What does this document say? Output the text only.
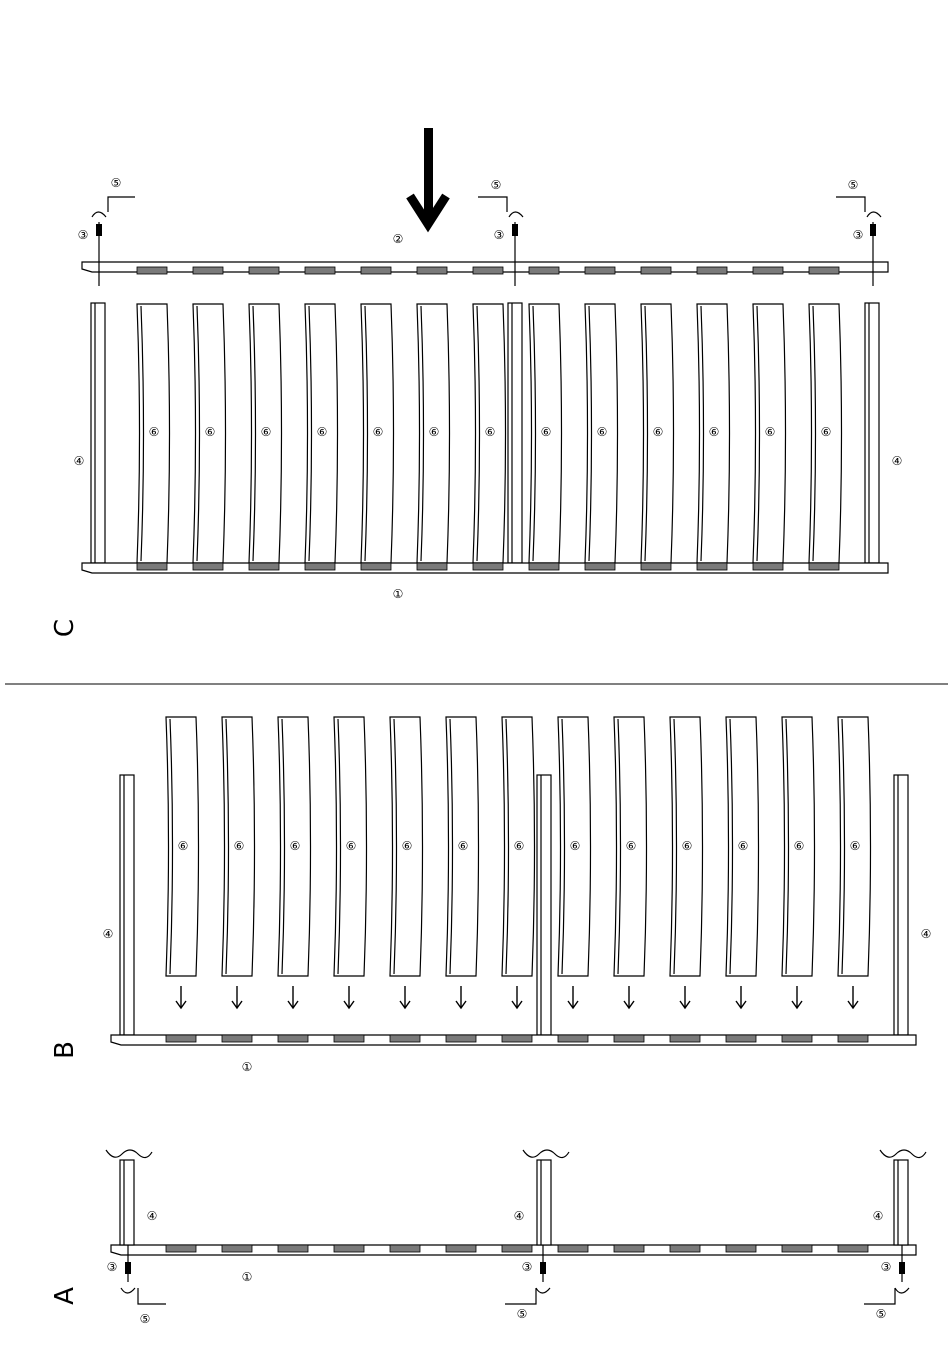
②
⑥	⑥	⑥	⑥	⑥	⑥	⑥	⑥	⑥	⑥	⑥	⑥	⑥
④	④
①
⑤
③
⑤
③
⑤
③
C
⑥	⑥	⑥	⑥	⑥	⑥	⑥	⑥	⑥	⑥	⑥	⑥	⑥
④	④
①
B
①
④	④	④
③
⑤
③
⑤
③
⑤
A
